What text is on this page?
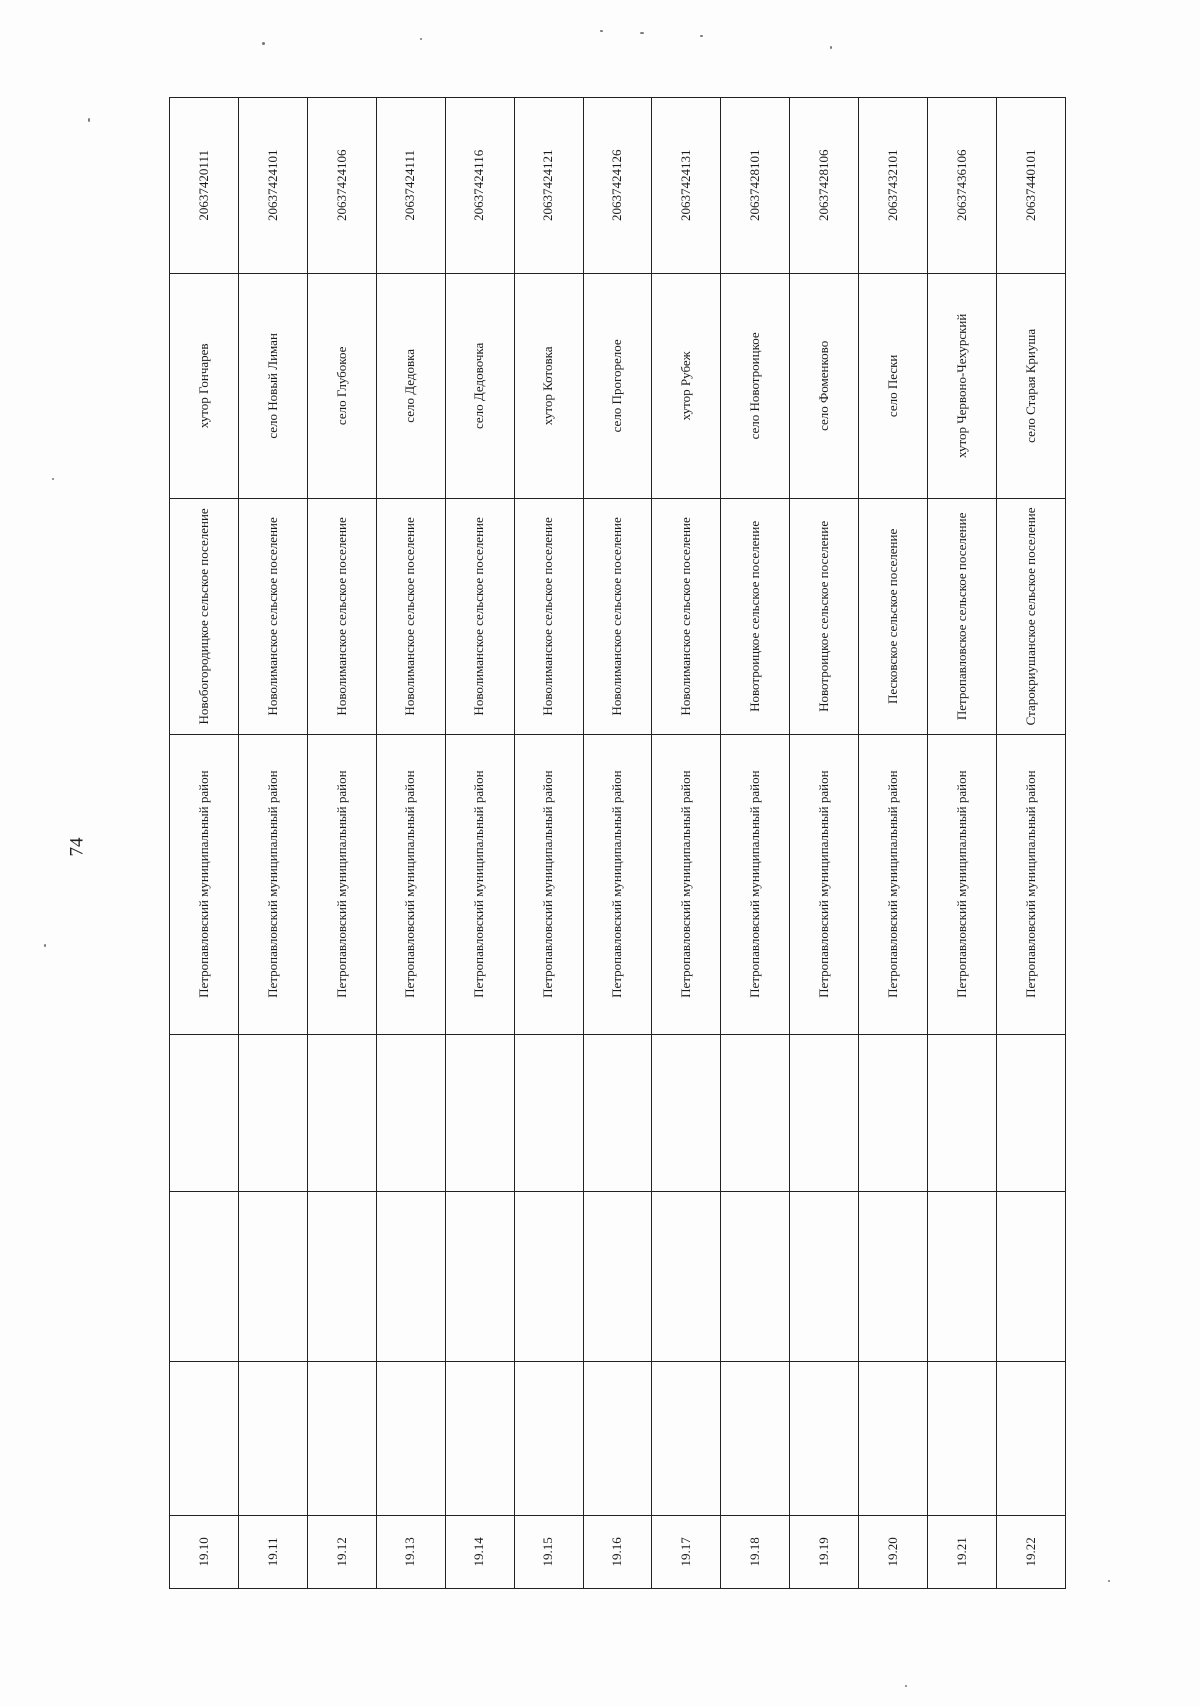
74
19.10				Петропавловский муниципальный район	Новобогородицкое сельское поселение	хутор Гончарев	20637420111
19.11				Петропавловский муниципальный район	Новолиманское сельское поселение	село Новый Лиман	20637424101
19.12				Петропавловский муниципальный район	Новолиманское сельское поселение	село Глубокое	20637424106
19.13				Петропавловский муниципальный район	Новолиманское сельское поселение	село Дедовка	20637424111
19.14				Петропавловский муниципальный район	Новолиманское сельское поселение	село Дедовочка	20637424116
19.15				Петропавловский муниципальный район	Новолиманское сельское поселение	хутор Котовка	20637424121
19.16				Петропавловский муниципальный район	Новолиманское сельское поселение	село Прогорелое	20637424126
19.17				Петропавловский муниципальный район	Новолиманское сельское поселение	хутор Рубеж	20637424131
19.18				Петропавловский муниципальный район	Новотроицкое сельское поселение	село Новотроицкое	20637428101
19.19				Петропавловский муниципальный район	Новотроицкое сельское поселение	село Фоменково	20637428106
19.20				Петропавловский муниципальный район	Песковское сельское поселение	село Пески	20637432101
19.21				Петропавловский муниципальный район	Петропавловское сельское поселение	хутор Червоно-Чехурский	20637436106
19.22				Петропавловский муниципальный район	Старокриушанское сельское поселение	село Старая Криуша	20637440101
